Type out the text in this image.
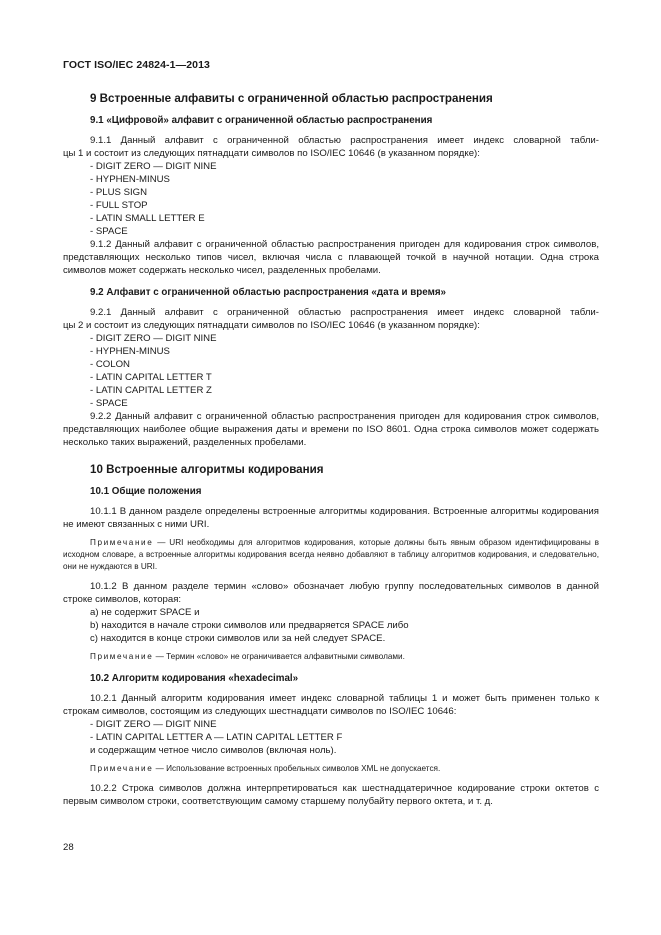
ГОСТ ISO/IEC 24824-1—2013
9 Встроенные алфавиты с ограниченной областью распространения
9.1 «Цифровой» алфавит с ограниченной областью распространения
9.1.1 Данный алфавит с ограниченной областью распространения имеет индекс словарной табли-
цы 1 и состоит из следующих пятнадцати символов по ISO/IEC 10646 (в указанном порядке):
- DIGIT ZERO — DIGIT NINE
- HYPHEN-MINUS
- PLUS SIGN
- FULL STOP
- LATIN SMALL LETTER E
- SPACE
9.1.2 Данный алфавит с ограниченной областью распространения пригоден для кодирования строк символов, представляющих несколько типов чисел, включая числа с плавающей точкой в научной нотации. Одна строка символов может содержать несколько чисел, разделенных пробелами.
9.2 Алфавит с ограниченной областью распространения «дата и время»
9.2.1 Данный алфавит с ограниченной областью распространения имеет индекс словарной табли-
цы 2 и состоит из следующих пятнадцати символов по ISO/IEC 10646 (в указанном порядке):
- DIGIT ZERO — DIGIT NINE
- HYPHEN-MINUS
- COLON
- LATIN CAPITAL LETTER T
- LATIN CAPITAL LETTER Z
- SPACE
9.2.2 Данный алфавит с ограниченной областью распространения пригоден для кодирования строк символов, представляющих наиболее общие выражения даты и времени по ISO 8601. Одна строка символов может содержать несколько таких выражений, разделенных пробелами.
10 Встроенные алгоритмы кодирования
10.1 Общие положения
10.1.1 В данном разделе определены встроенные алгоритмы кодирования. Встроенные алгоритмы кодирования не имеют связанных с ними URI.
Примечание — URI необходимы для алгоритмов кодирования, которые должны быть явным образом идентифицированы в исходном словаре, а встроенные алгоритмы кодирования всегда неявно добавляют в таблицу алгоритмов кодирования, и следовательно, они не нуждаются в URI.
10.1.2 В данном разделе термин «слово» обозначает любую группу последовательных символов в данной строке символов, которая:
a) не содержит SPACE и
b) находится в начале строки символов или предваряется SPACE либо
c) находится в конце строки символов или за ней следует SPACE.
Примечание — Термин «слово» не ограничивается алфавитными символами.
10.2 Алгоритм кодирования «hexadecimal»
10.2.1 Данный алгоритм кодирования имеет индекс словарной таблицы 1 и может быть применен только к строкам символов, состоящим из следующих шестнадцати символов по ISO/IEC 10646:
- DIGIT ZERO — DIGIT NINE
- LATIN CAPITAL LETTER A — LATIN CAPITAL LETTER F
и содержащим четное число символов (включая ноль).
Примечание — Использование встроенных пробельных символов XML не допускается.
10.2.2 Строка символов должна интерпретироваться как шестнадцатеричное кодирование строки октетов с первым символом строки, соответствующим самому старшему полубайту первого октета, и т. д.
28
